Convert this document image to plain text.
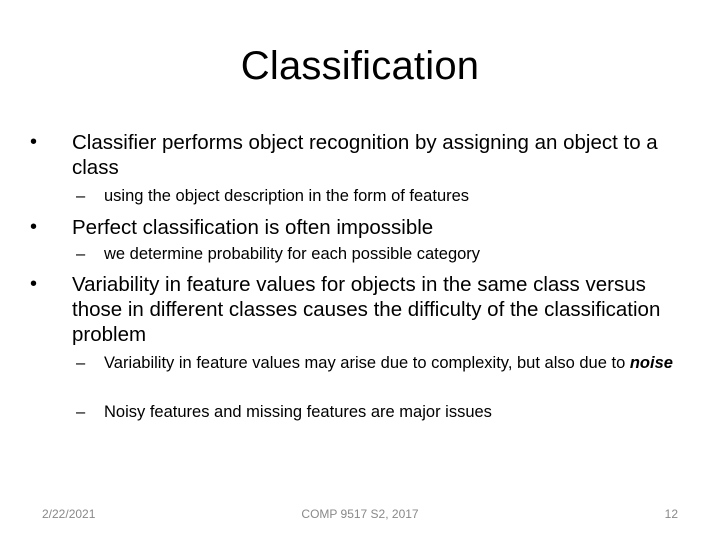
Classification
•	Classifier performs object recognition by assigning an object to a class
–	using the object description in the form of features
•	Perfect classification is often impossible
–	we determine probability for each possible category
•	Variability in feature values for objects in the same class versus those in different classes causes the difficulty of the classification problem
–	Variability in feature values may arise due to complexity, but also due to noise
–	Noisy features and missing features are major issues
2/22/2021	COMP 9517 S2, 2017	12
